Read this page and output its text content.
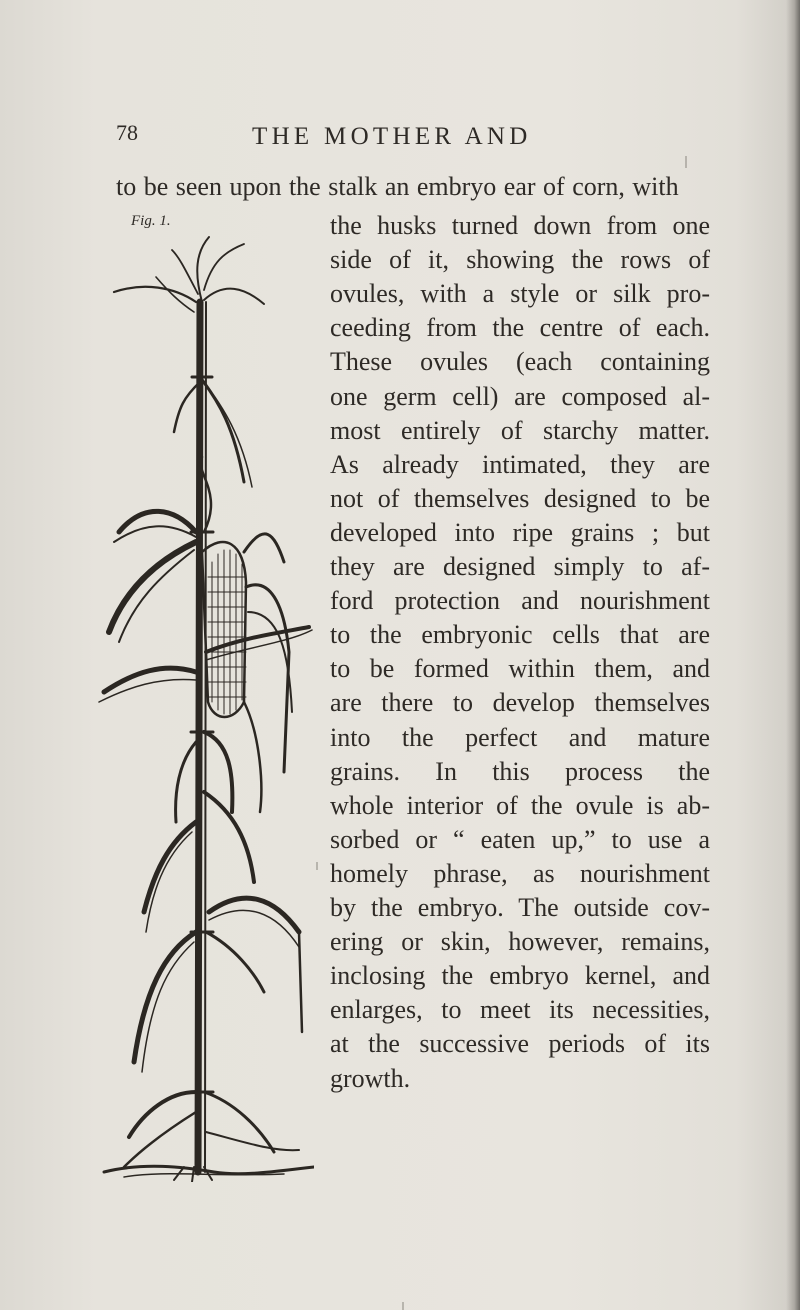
78	THE MOTHER AND
to be seen upon the stalk an embryo ear of corn, with
Fig. 1.	the husks turned down from one
side of it, showing the rows of
ovules, with a style or silk pro-
ceeding from the centre of each.
These ovules (each containing
one germ cell) are composed al-
most entirely of starchy matter.
As already intimated, they are
not of themselves designed to be
developed into ripe grains ; but
they are designed simply to af-
ford protection and nourishment
to the embryonic cells that are
to be formed within them, and
are there to develop themselves
into the perfect and mature
grains. In this process the
whole interior of the ovule is ab-
sorbed or “ eaten up,” to use a
homely phrase, as nourishment
by the embryo. The outside cov-
ering or skin, however, remains,
inclosing the embryo kernel, and
enlarges, to meet its necessities,
at the successive periods of its
growth.
